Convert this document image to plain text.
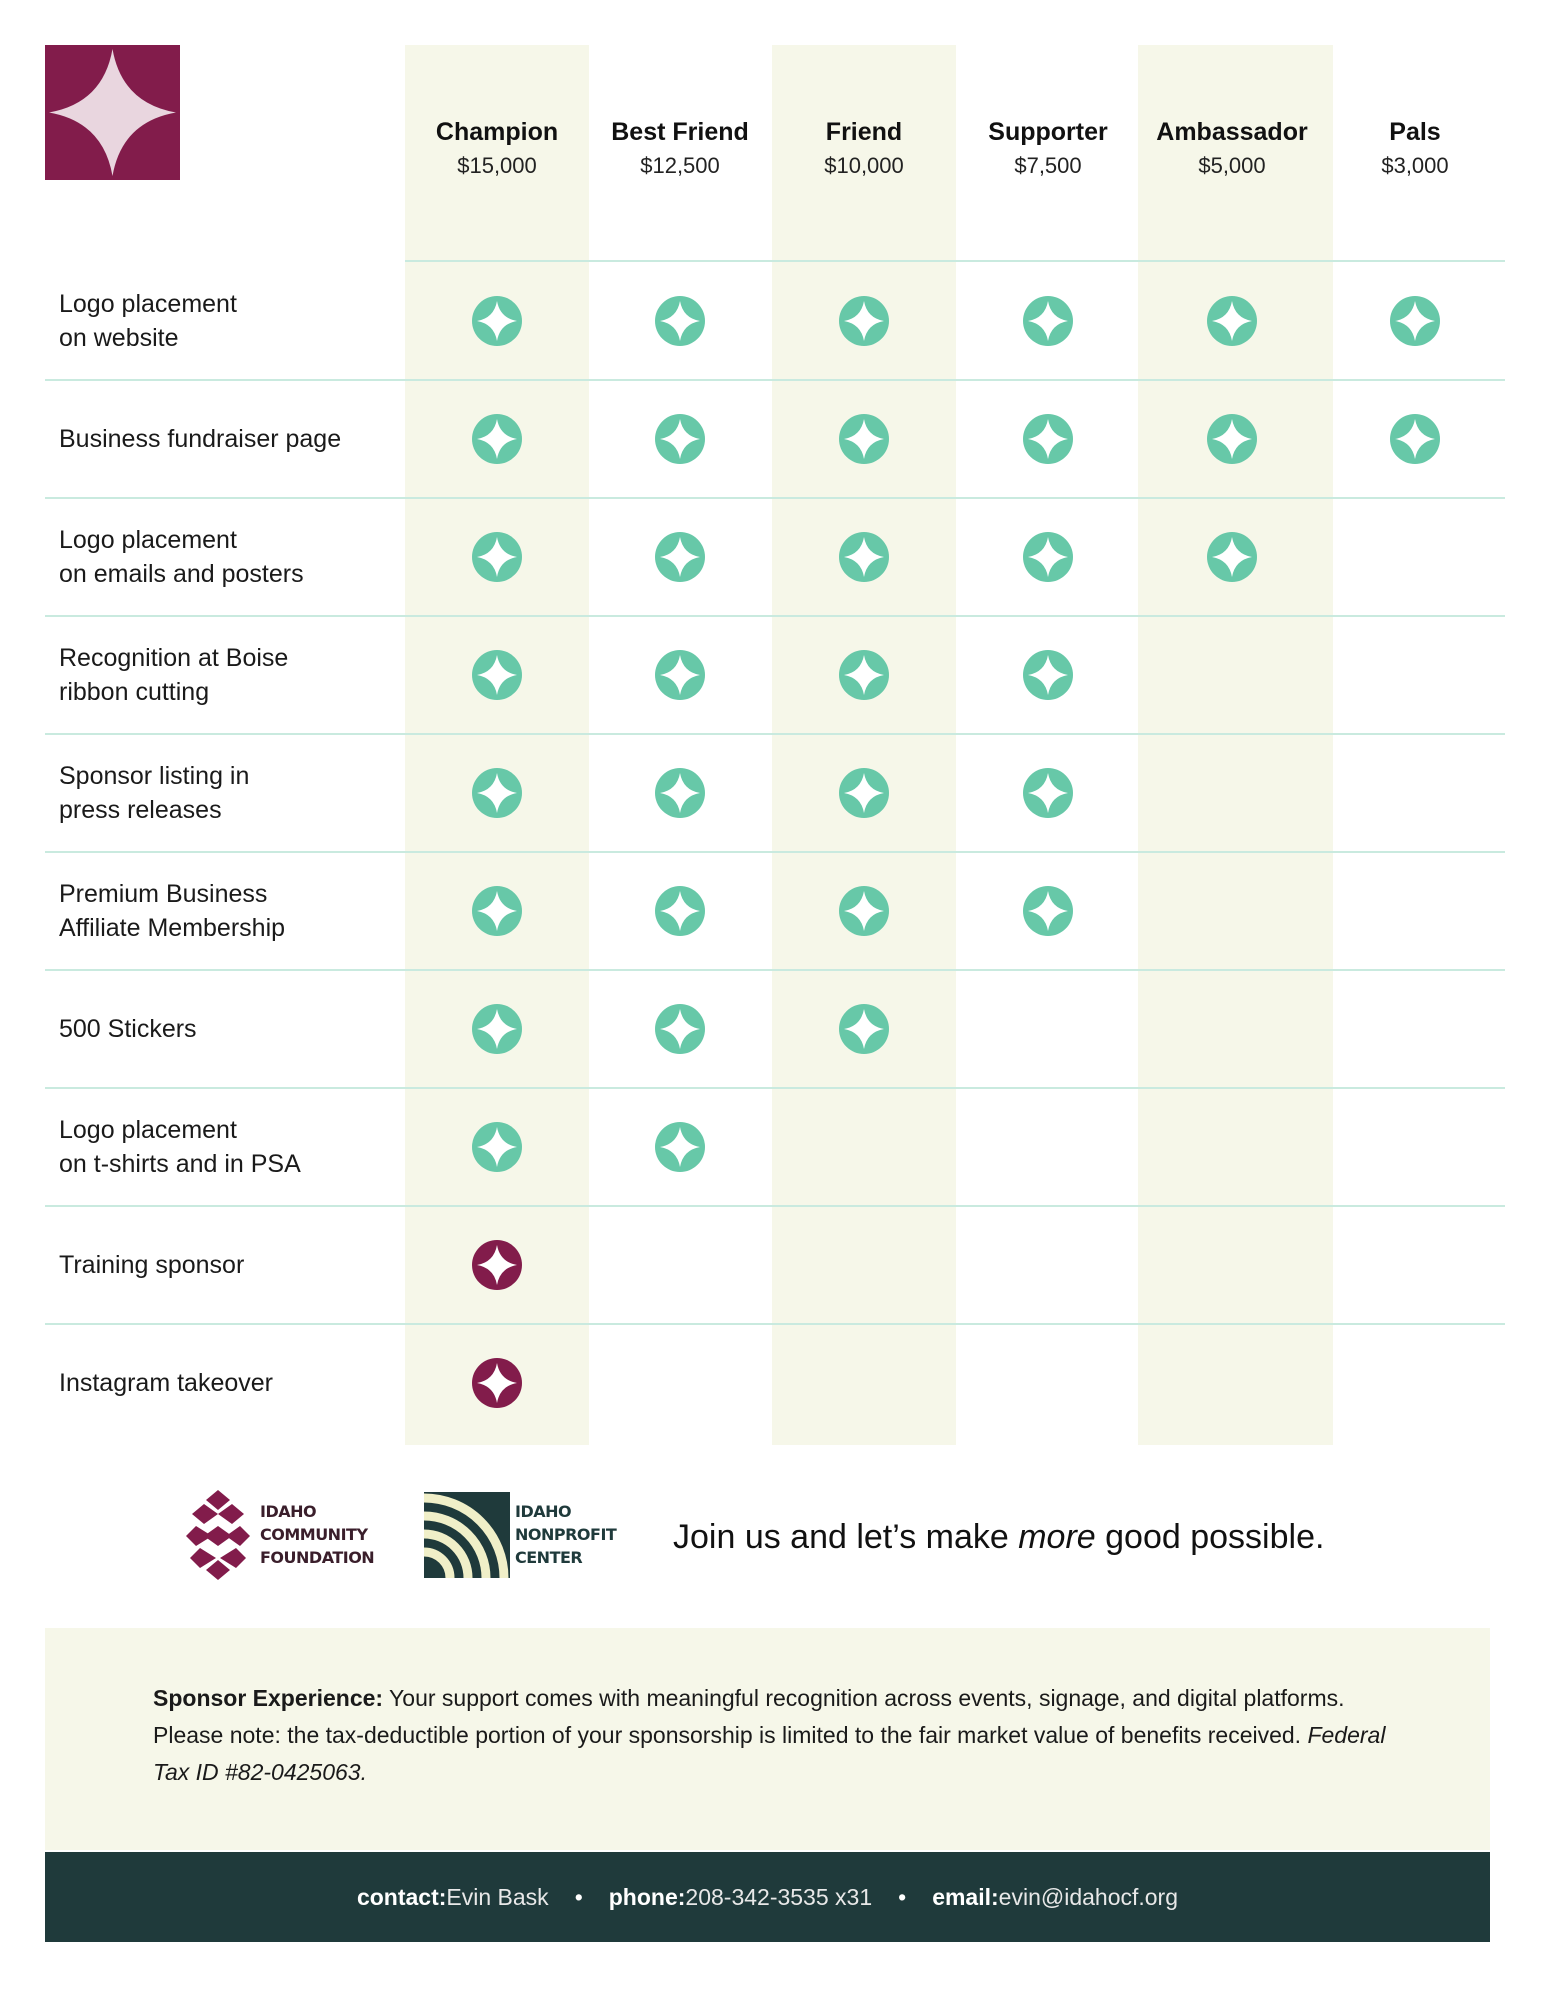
Champion
$15,000
Best Friend
$12,500
Friend
$10,000
Supporter
$7,500
Ambassador
$5,000
Pals
$3,000
Logo placement
on website
Business fundraiser page
Logo placement
on emails and posters
Recognition at Boise
ribbon cutting
Sponsor listing in
press releases
Premium Business
Affiliate Membership
500 Stickers
Logo placement
on t-shirts and in PSA
Training sponsor
Instagram takeover
IDAHO
COMMUNITY
FOUNDATION
IDAHO
NONPROFIT
CENTER
Join us and let’s make more good possible.
Sponsor Experience: Your support comes with meaningful recognition across events, signage, and digital platforms. Please note: the tax-deductible portion of your sponsorship is limited to the fair market value of benefits received. Federal Tax ID #82-0425063.
contact: Evin Bask • phone: 208-342-3535 x31 • email: evin@idahocf.org
